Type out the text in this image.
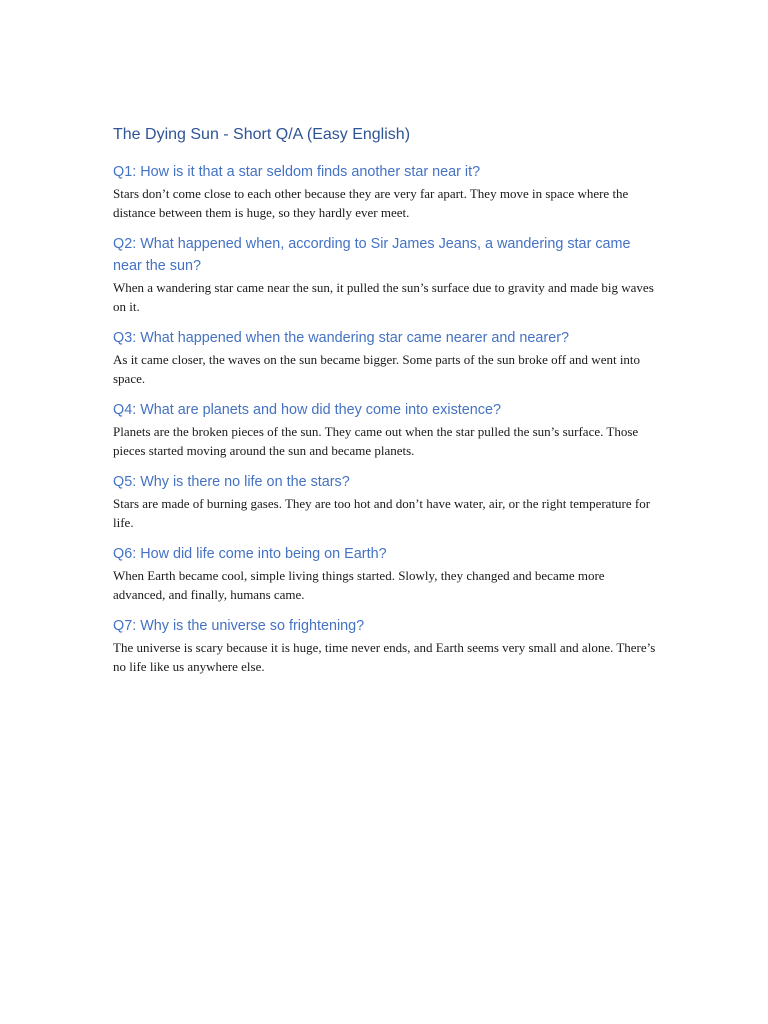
The Dying Sun - Short Q/A (Easy English)
Q1: How is it that a star seldom finds another star near it?

Stars don’t come close to each other because they are very far apart. They move in space where the distance between them is huge, so they hardly ever meet.

Q2: What happened when, according to Sir James Jeans, a wandering star came near the sun?

When a wandering star came near the sun, it pulled the sun’s surface due to gravity and made big waves on it.

Q3: What happened when the wandering star came nearer and nearer?

As it came closer, the waves on the sun became bigger. Some parts of the sun broke off and went into space.

Q4: What are planets and how did they come into existence?

Planets are the broken pieces of the sun. They came out when the star pulled the sun’s surface. Those pieces started moving around the sun and became planets.

Q5: Why is there no life on the stars?

Stars are made of burning gases. They are too hot and don’t have water, air, or the right temperature for life.

Q6: How did life come into being on Earth?

When Earth became cool, simple living things started. Slowly, they changed and became more advanced, and finally, humans came.

Q7: Why is the universe so frightening?

The universe is scary because it is huge, time never ends, and Earth seems very small and alone. There’s no life like us anywhere else.
